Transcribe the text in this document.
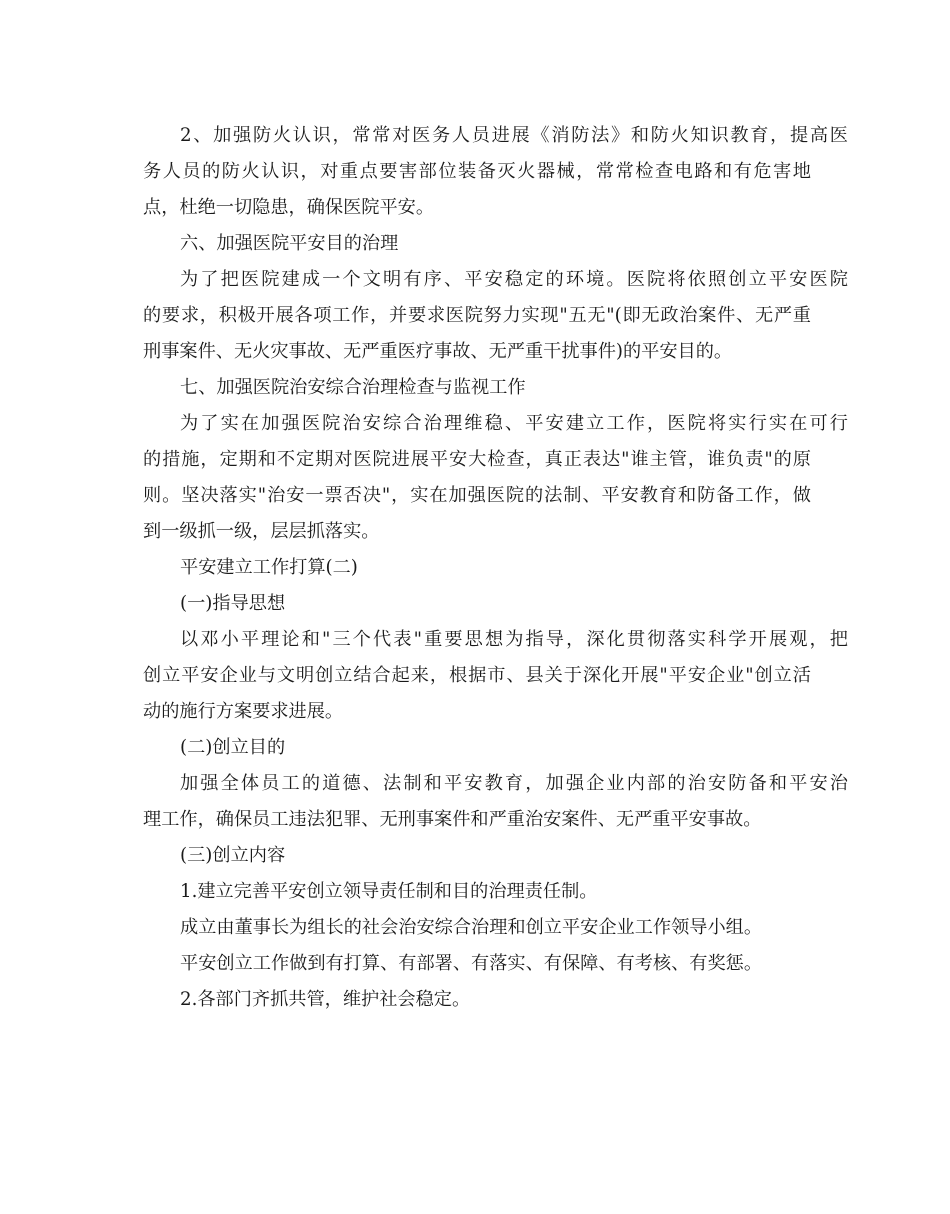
2、加强防火认识，常常对医务人员进展《消防法》和防火知识教育，提高医
务人员的防火认识，对重点要害部位装备灭火器械，常常检查电路和有危害地
点，杜绝一切隐患，确保医院平安。
六、加强医院平安目的治理
为了把医院建成一个文明有序、平安稳定的环境。医院将依照创立平安医院
的要求，积极开展各项工作，并要求医院努力实现"五无"(即无政治案件、无严重
刑事案件、无火灾事故、无严重医疗事故、无严重干扰事件)的平安目的。
七、加强医院治安综合治理检查与监视工作
为了实在加强医院治安综合治理维稳、平安建立工作，医院将实行实在可行
的措施，定期和不定期对医院进展平安大检查，真正表达"谁主管，谁负责"的原
则。坚决落实"治安一票否决"，实在加强医院的法制、平安教育和防备工作，做
到一级抓一级，层层抓落实。
平安建立工作打算(二)
(一)指导思想
以邓小平理论和"三个代表"重要思想为指导，深化贯彻落实科学开展观，把
创立平安企业与文明创立结合起来，根据市、县关于深化开展"平安企业"创立活
动的施行方案要求进展。
(二)创立目的
加强全体员工的道德、法制和平安教育，加强企业内部的治安防备和平安治
理工作，确保员工违法犯罪、无刑事案件和严重治安案件、无严重平安事故。
(三)创立内容
1.建立完善平安创立领导责任制和目的治理责任制。
成立由董事长为组长的社会治安综合治理和创立平安企业工作领导小组。
平安创立工作做到有打算、有部署、有落实、有保障、有考核、有奖惩。
2.各部门齐抓共管，维护社会稳定。
